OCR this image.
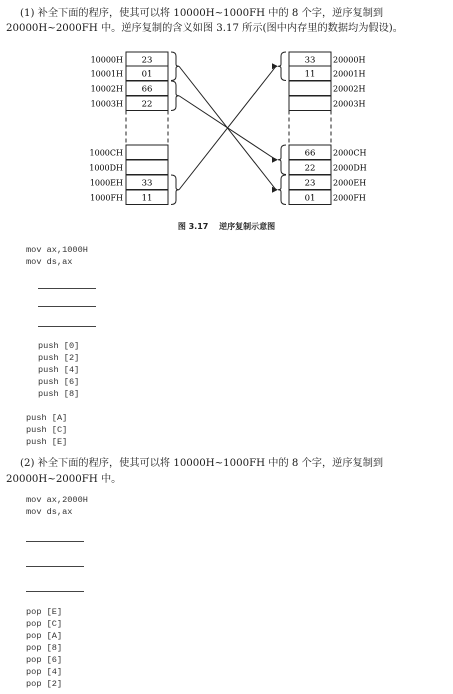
(1) 补全下面的程序，使其可以将 10000H~1000FH 中的 8 个字，逆序复制到

20000H~2000FH 中。逆序复制的含义如图 3.17 所示(图中内存里的数据均为假设)。

23
10000H
01
10001H
66
10002H
22
10003H
1000CH
1000DH
33
1000EH
11
1000FH
33 20000H
11 20001H
20002H
20003H
66 2000CH
22 2000DH
23 2000EH
01 2000FH
图 3.17 逆序复制示意图
mov ax,1000H
mov ds,ax
push [0]
push [2]
push [4]
push [6]
push [8]
push [A]
push [C]
push [E]

(2) 补全下面的程序，使其可以将 10000H~1000FH 中的 8 个字，逆序复制到

20000H~2000FH 中。

mov ax,2000H
mov ds,ax
pop [E]
pop [C]
pop [A]
pop [8]
pop [6]
pop [4]
pop [2]
